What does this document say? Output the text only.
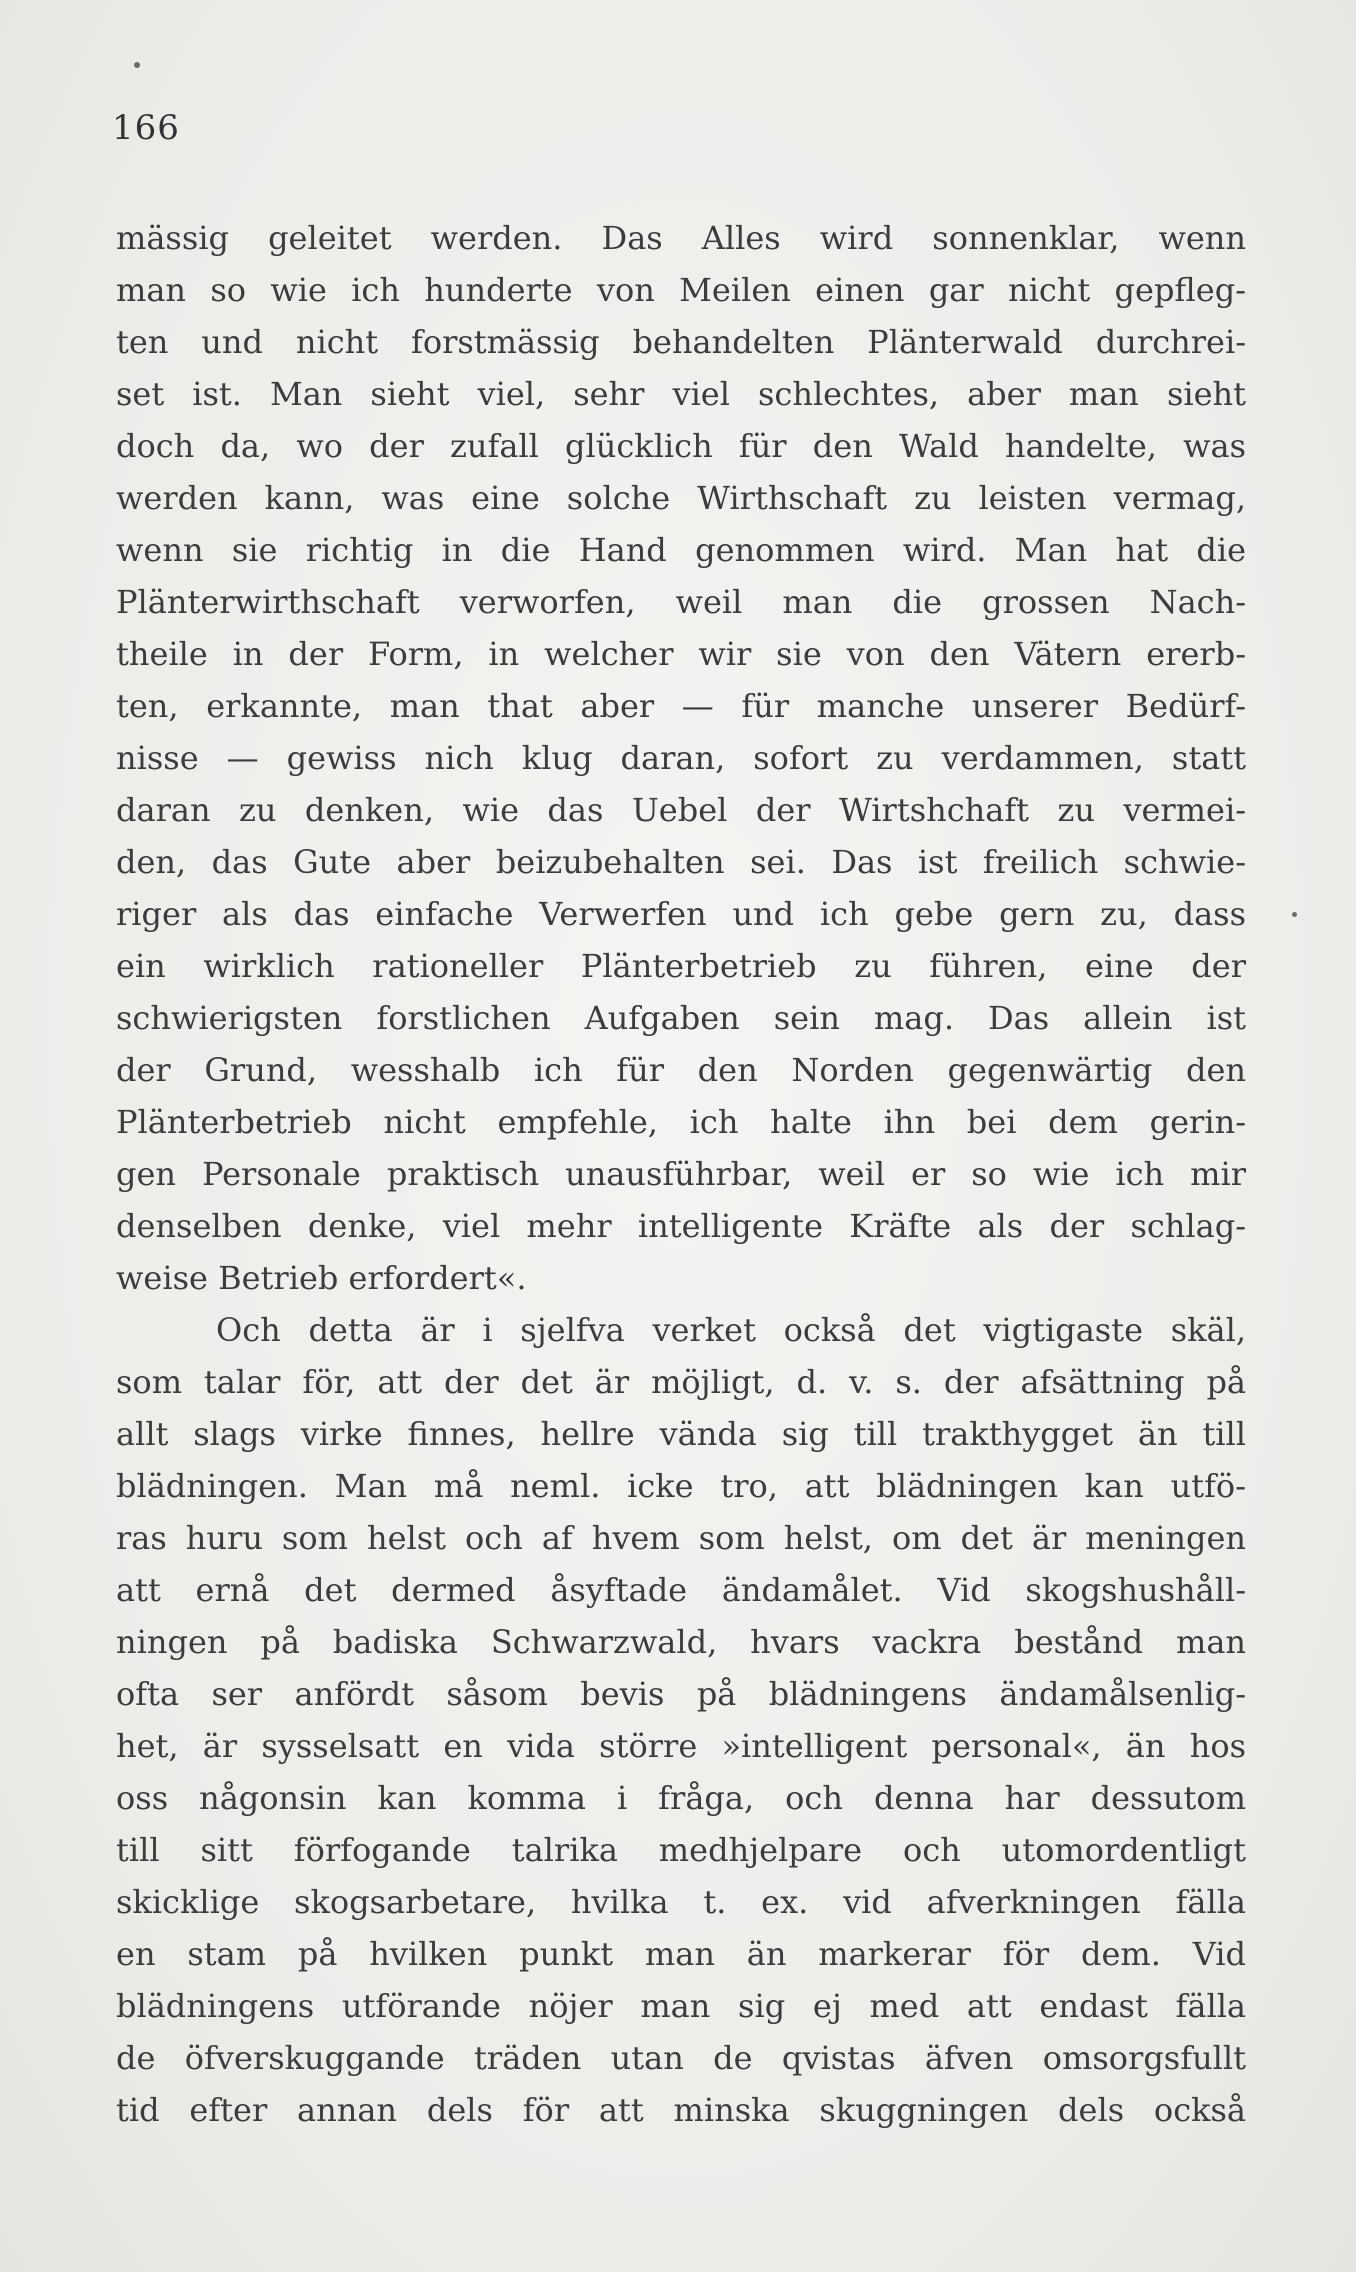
166
mässig geleitet werden. Das Alles wird sonnenklar, wenn
man so wie ich hunderte von Meilen einen gar nicht gepfleg-
ten und nicht forstmässig behandelten Plänterwald durchrei-
set ist. Man sieht viel, sehr viel schlechtes, aber man sieht
doch da, wo der zufall glücklich für den Wald handelte, was
werden kann, was eine solche Wirthschaft zu leisten vermag,
wenn sie richtig in die Hand genommen wird. Man hat die
Plänterwirthschaft verworfen, weil man die grossen Nach-
theile in der Form, in welcher wir sie von den Vätern ererb-
ten, erkannte, man that aber — für manche unserer Bedürf-
nisse — gewiss nich klug daran, sofort zu verdammen, statt
daran zu denken, wie das Uebel der Wirtshchaft zu vermei-
den, das Gute aber beizubehalten sei. Das ist freilich schwie-
riger als das einfache Verwerfen und ich gebe gern zu, dass
ein wirklich rationeller Plänterbetrieb zu führen, eine der
schwierigsten forstlichen Aufgaben sein mag. Das allein ist
der Grund, wesshalb ich für den Norden gegenwärtig den
Plänterbetrieb nicht empfehle, ich halte ihn bei dem gerin-
gen Personale praktisch unausführbar, weil er so wie ich mir
denselben denke, viel mehr intelligente Kräfte als der schlag-
weise Betrieb erfordert«.
Och detta är i sjelfva verket också det vigtigaste skäl,
som talar för, att der det är möjligt, d. v. s. der afsättning på
allt slags virke finnes, hellre vända sig till trakthygget än till
blädningen. Man må neml. icke tro, att blädningen kan utfö-
ras huru som helst och af hvem som helst, om det är meningen
att ernå det dermed åsyftade ändamålet. Vid skogshushåll-
ningen på badiska Schwarzwald, hvars vackra bestånd man
ofta ser anfördt såsom bevis på blädningens ändamålsenlig-
het, är sysselsatt en vida större »intelligent personal«, än hos
oss någonsin kan komma i fråga, och denna har dessutom
till sitt förfogande talrika medhjelpare och utomordentligt
skicklige skogsarbetare, hvilka t. ex. vid afverkningen fälla
en stam på hvilken punkt man än markerar för dem. Vid
blädningens utförande nöjer man sig ej med att endast fälla
de öfverskuggande träden utan de qvistas äfven omsorgsfullt
tid efter annan dels för att minska skuggningen dels också
